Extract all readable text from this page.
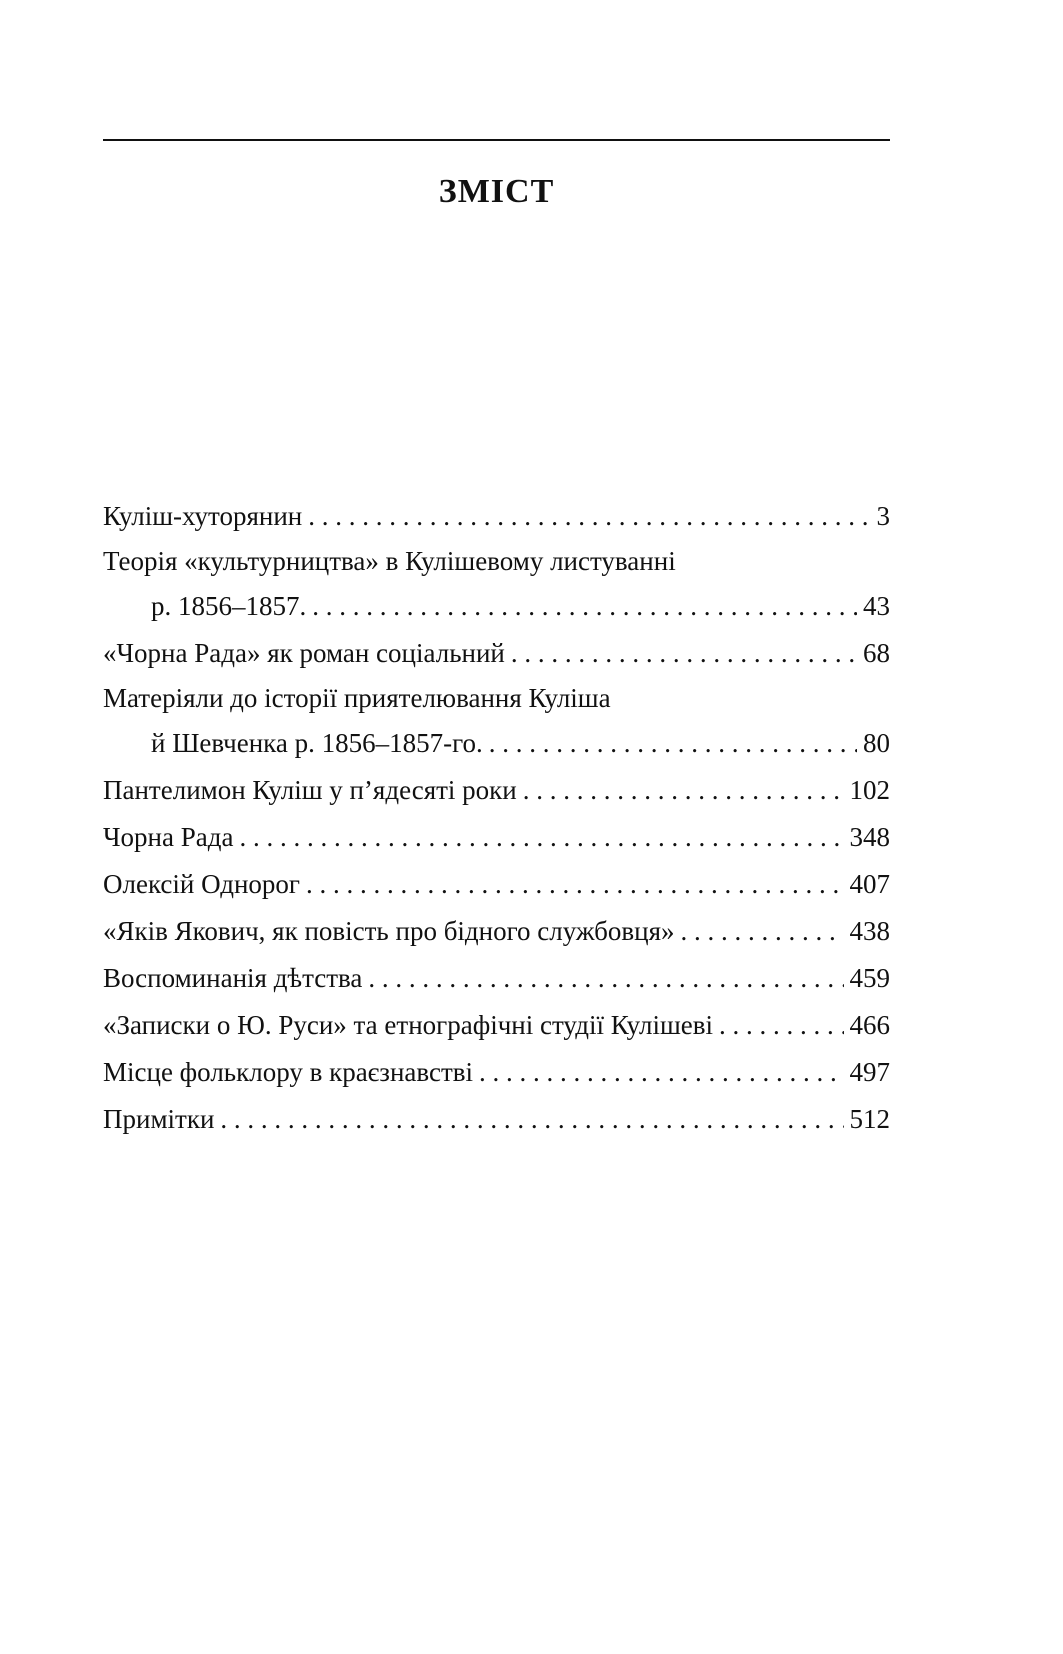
ЗМІСТ
Куліш-хуторянин . . .	3
Теорія «культурництва» в Кулішевому листуванні
р. 1856–1857. . . .	43
«Чорна Рада» як роман соціальний . . .	68
Матеріяли до історії приятелювання Куліша
й Шевченка р. 1856–1857-го. . . .	80
Пантелимон Куліш у п’ядесяті роки . . .	102
Чорна Рада . . .	348
Олексій Однорог . . .	407
«Яків Якович, як повість про бідного службовця» . . .	438
Воспоминанія дѣтства . . .	459
«Записки о Ю. Руси» та етнографічні студії Кулішеві . . .	466
Місце фольклору в краєзнавстві . . .	497
Примітки . . .	512
